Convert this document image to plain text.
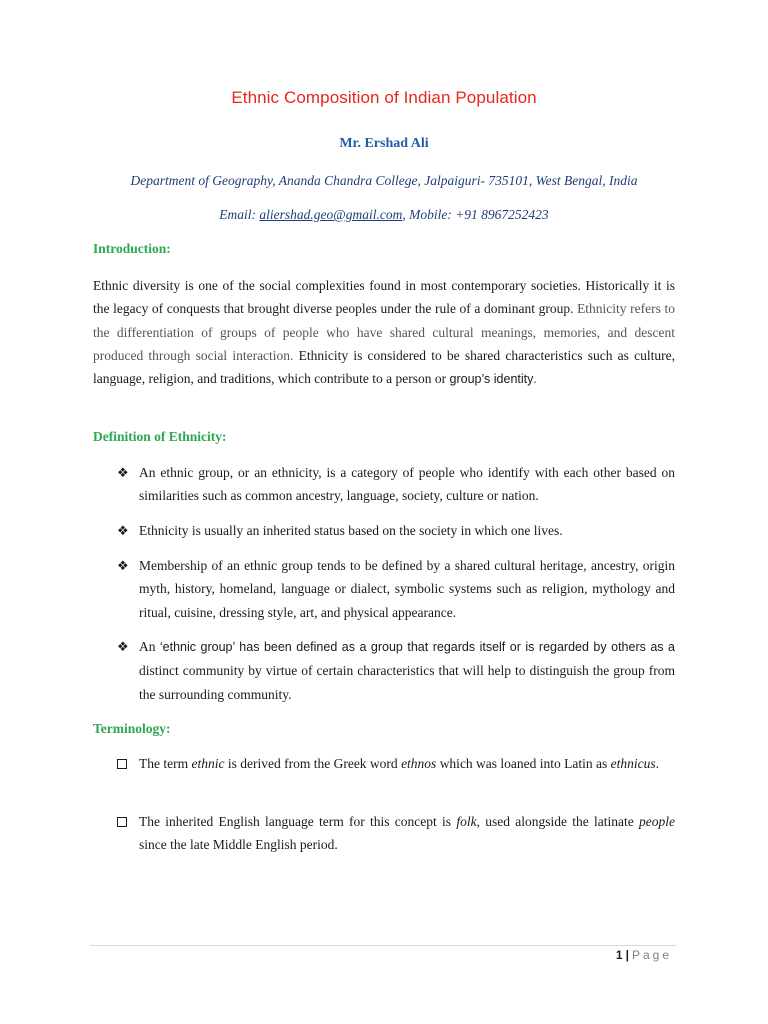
Ethnic Composition of Indian Population
Mr. Ershad Ali
Department of Geography, Ananda Chandra College, Jalpaiguri- 735101, West Bengal, India
Email: aliershad.geo@gmail.com, Mobile: +91 8967252423
Introduction:
Ethnic diversity is one of the social complexities found in most contemporary societies. Historically it is the legacy of conquests that brought diverse peoples under the rule of a dominant group. Ethnicity refers to the differentiation of groups of people who have shared cultural meanings, memories, and descent produced through social interaction. Ethnicity is considered to be shared characteristics such as culture, language, religion, and traditions, which contribute to a person or group’s identity.
Definition of Ethnicity:
❖ An ethnic group, or an ethnicity, is a category of people who identify with each other based on similarities such as common ancestry, language, society, culture or nation.
❖ Ethnicity is usually an inherited status based on the society in which one lives.
❖ Membership of an ethnic group tends to be defined by a shared cultural heritage, ancestry, origin myth, history, homeland, language or dialect, symbolic systems such as religion, mythology and ritual, cuisine, dressing style, art, and physical appearance.
❖ An ‘ethnic group’ has been defined as a group that regards itself or is regarded by others as a distinct community by virtue of certain characteristics that will help to distinguish the group from the surrounding community.
Terminology:
The term ethnic is derived from the Greek word ethnos which was loaned into Latin as ethnicus.
The inherited English language term for this concept is folk, used alongside the latinate people since the late Middle English period.
1 | Page
